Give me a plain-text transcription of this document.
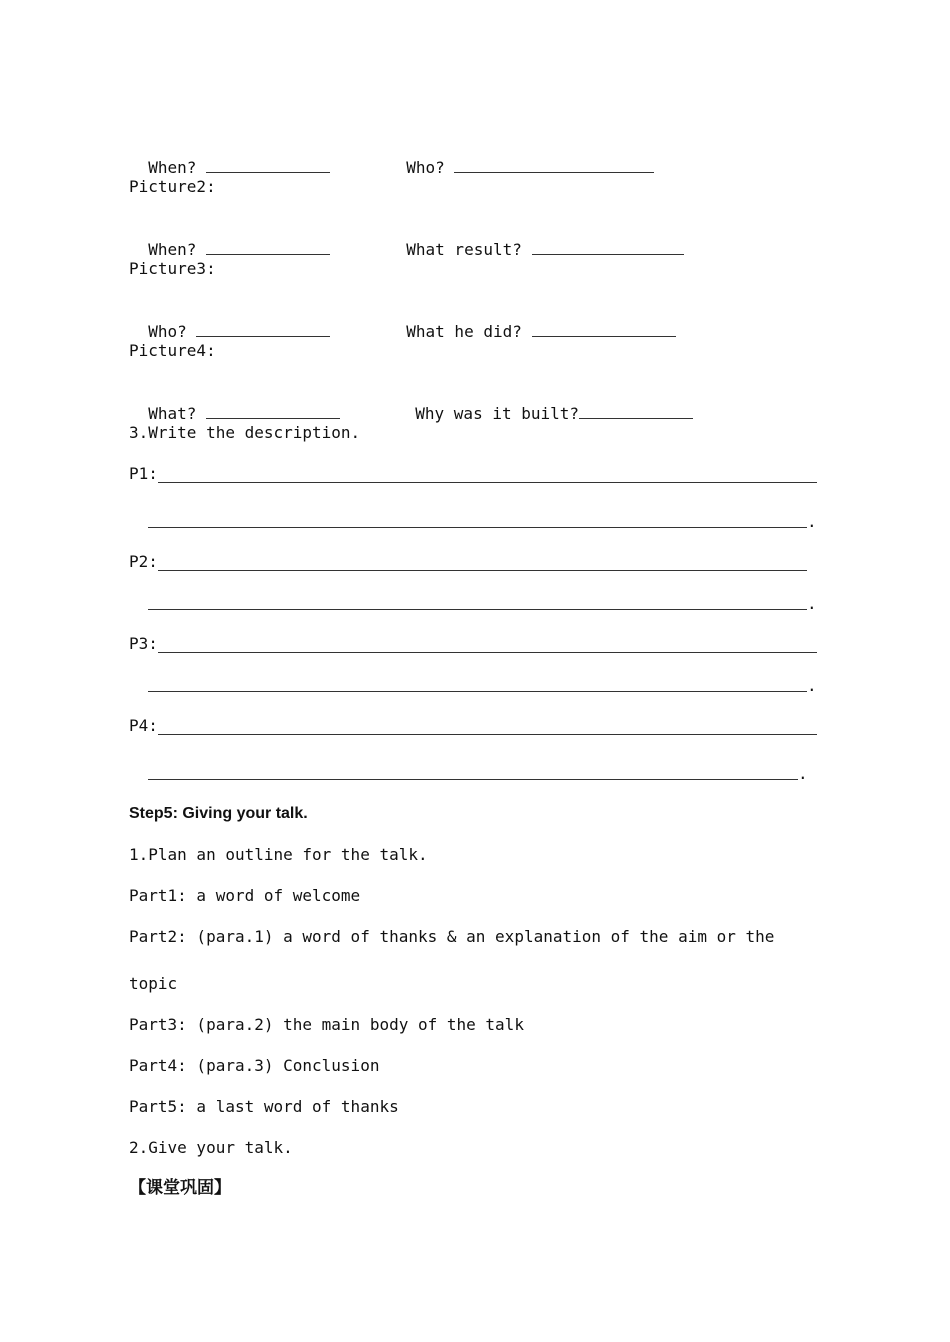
When?	Who?

Picture2:

When?	What result?

Picture3:

Who?	What he did?

Picture4:

What?	Why was it built?

3.Write the description.
P1:
.
P2:
.
P3:
.
P4:
.
Step5: Giving your talk.
1.Plan an outline for the talk.
Part1: a word of welcome
Part2: (para.1) a word of thanks & an explanation of the aim or the
topic
Part3: (para.2) the main body of the talk
Part4: (para.3) Conclusion
Part5: a last word of thanks
2.Give your talk.
【课堂巩固】
